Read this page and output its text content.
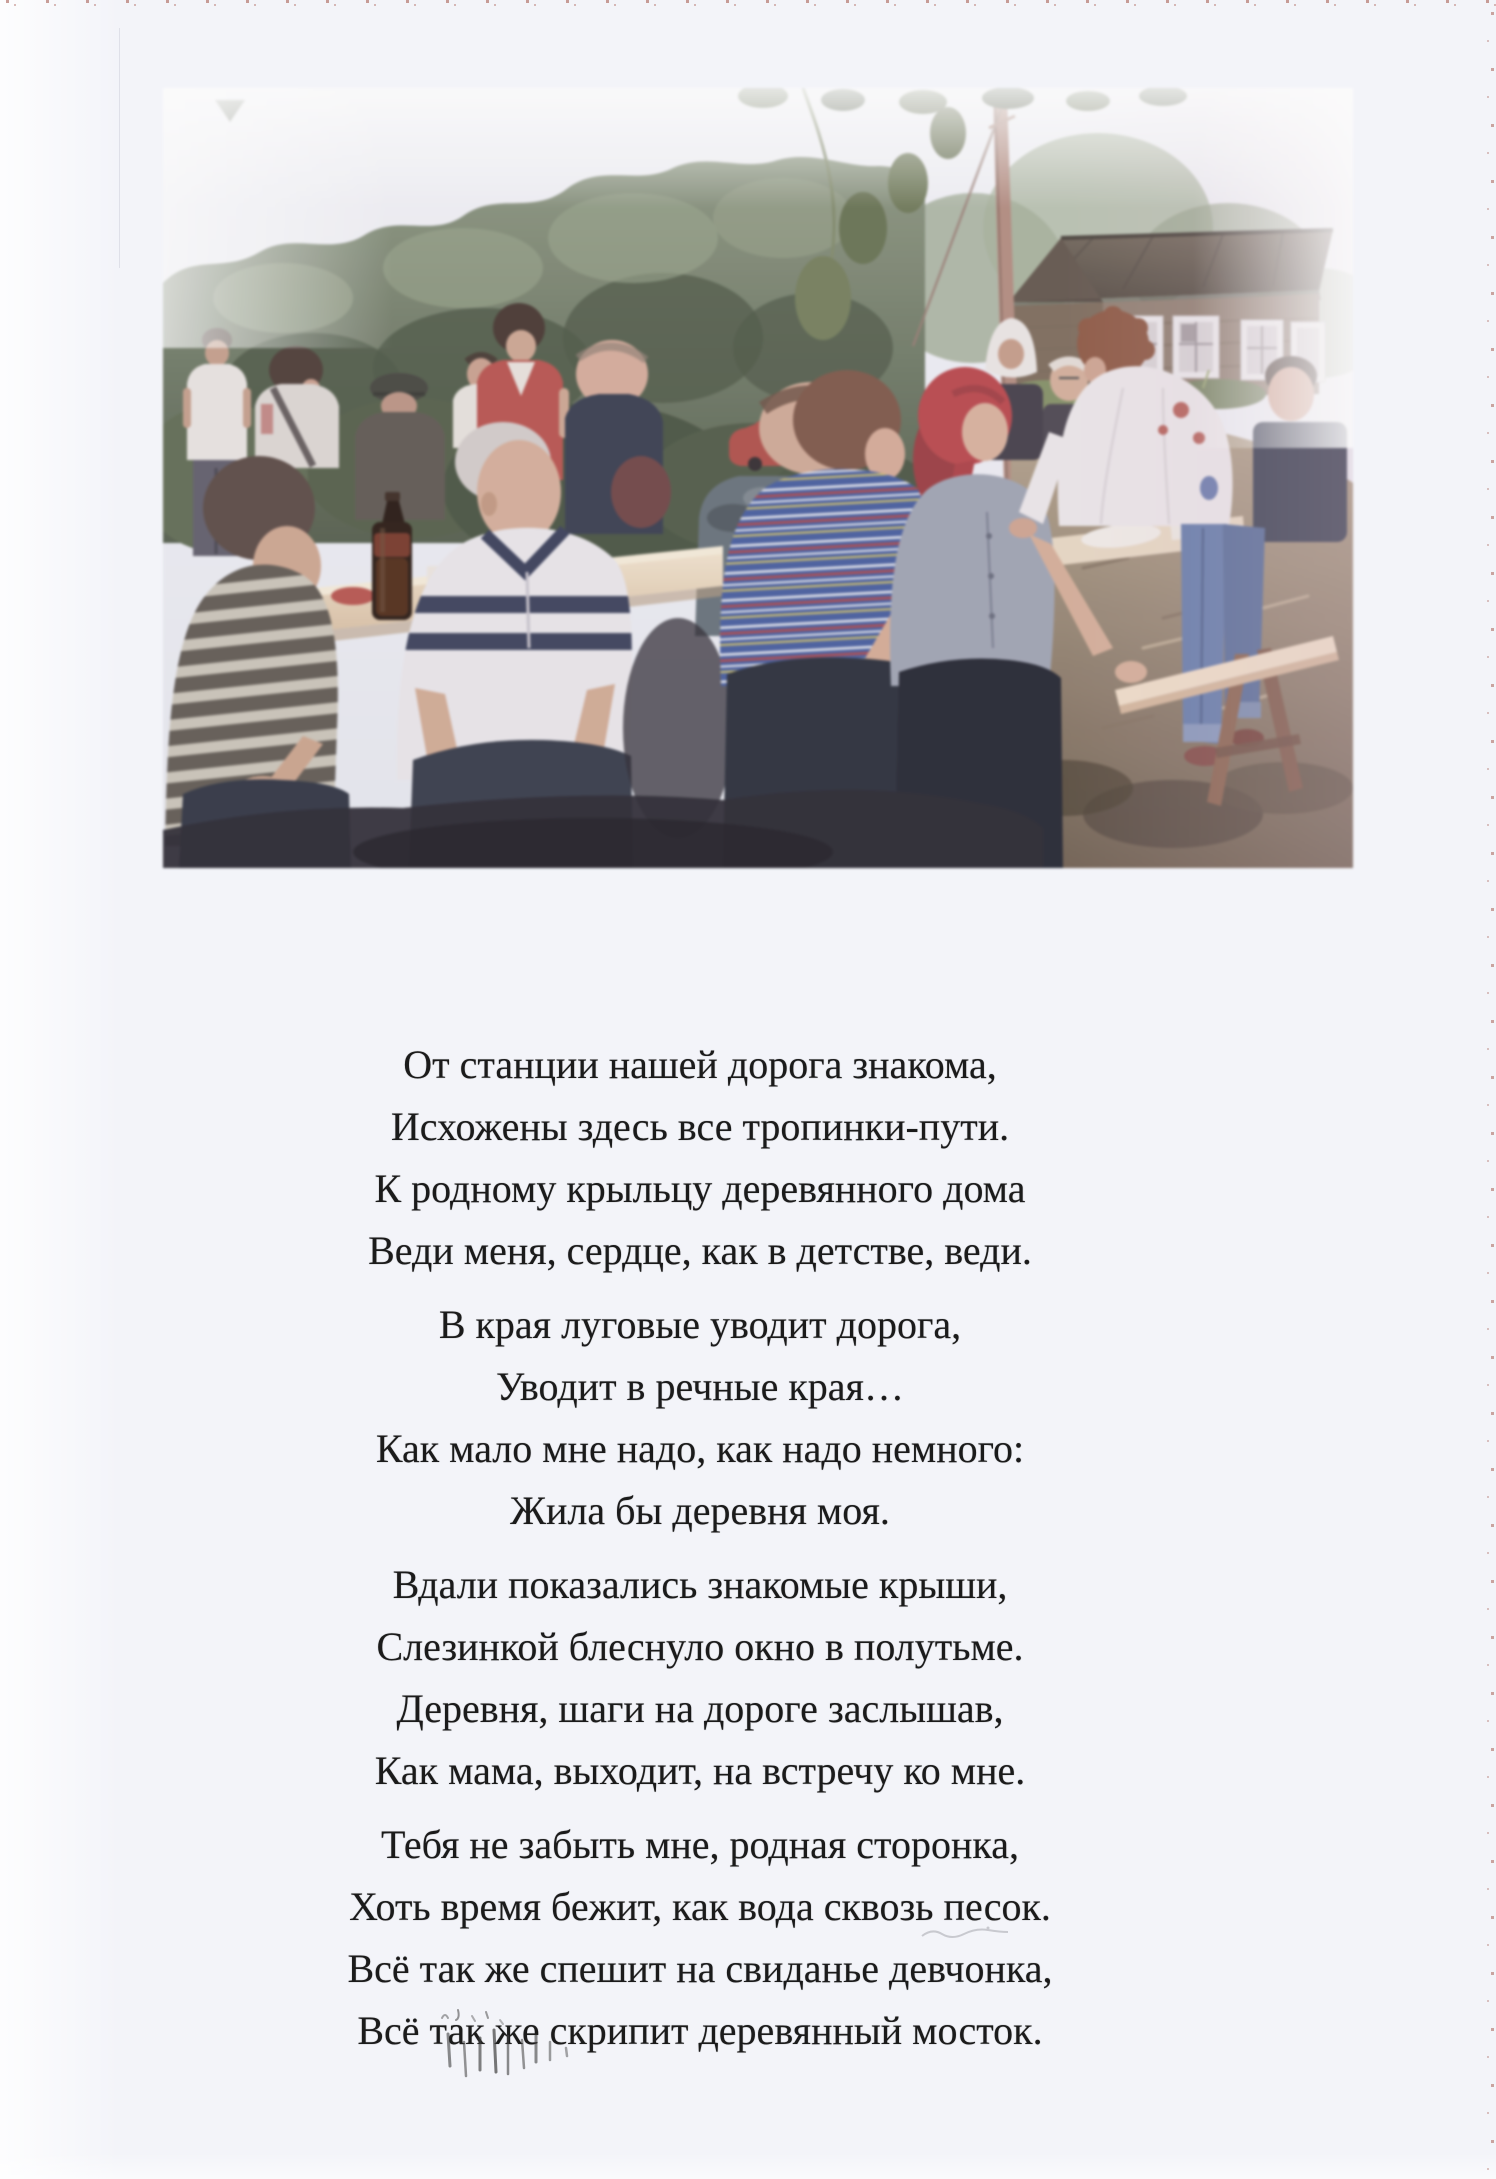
От станции нашей дорога знакома,
Исхожены здесь все тропинки-пути.
К родному крыльцу деревянного дома
Веди меня, сердце, как в детстве, веди.
В края луговые уводит дорога,
Уводит в речные края…
Как мало мне надо, как надо немного:
Жила бы деревня моя.
Вдали показались знакомые крыши,
Слезинкой блеснуло окно в полутьме.
Деревня, шаги на дороге заслышав,
Как мама, выходит, на встречу ко мне.
Тебя не забыть мне, родная сторонка,
Хоть время бежит, как вода сквозь песок.
Всё так же спешит на свиданье девчонка,
Всё так же скрипит деревянный мосток.
